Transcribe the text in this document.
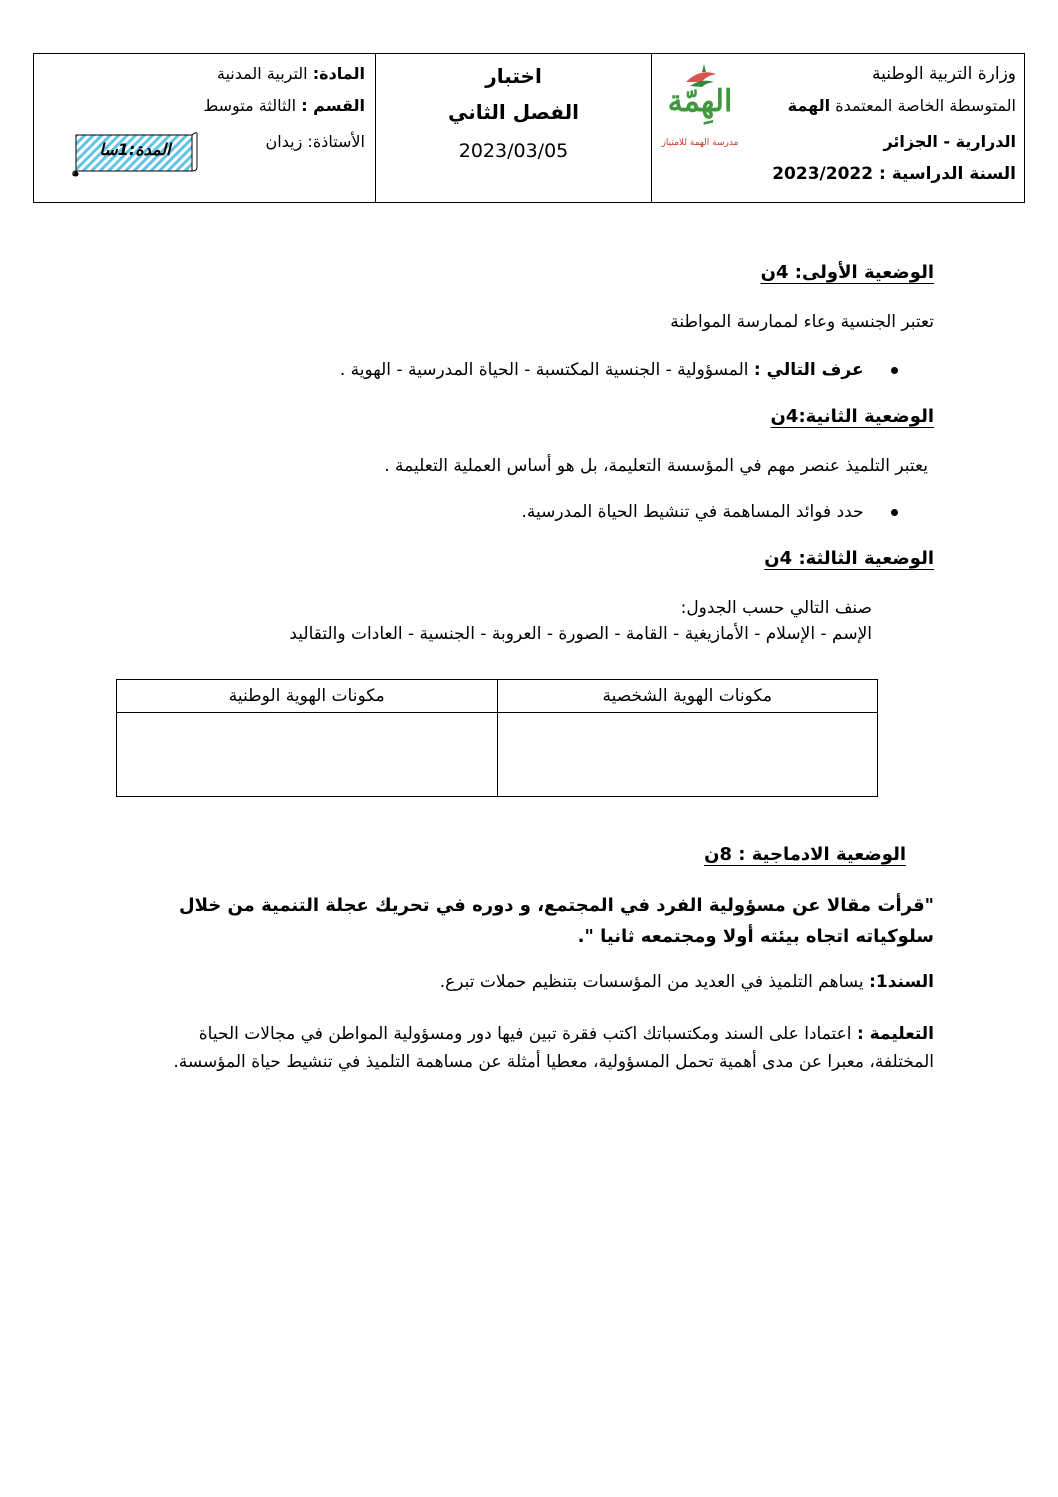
المادة: التربية المدنية
القسم : الثالثة متوسط
الأستاذة: زيدان
المدة:1سا
اختبار
الفصل الثاني
2023/03/05
وزارة التربية الوطنية
المتوسطة الخاصة المعتمدة الهمة
الدرارية - الجزائر
السنة الدراسية : 2023/2022
الهِمّة
مدرسة الهمة للامتياز
الوضعية الأولى: 4ن
تعتبر الجنسية وعاء لممارسة المواطنة
عرف التالي : المسؤولية - الجنسية المكتسبة - الحياة المدرسية - الهوية .
الوضعية الثانية:4ن
يعتبر التلميذ عنصر مهم في المؤسسة التعليمة، بل هو أساس العملية التعليمة .
حدد فوائد المساهمة في تنشيط الحياة المدرسية.
الوضعية الثالثة: 4ن
صنف التالي حسب الجدول:
الإسم - الإسلام - الأمازيغية - القامة - الصورة - العروبة - الجنسية - العادات والتقاليد
مكونات الهوية الشخصية	مكونات الهوية الوطنية

الوضعية الادماجية : 8ن
"قرأت مقالا عن مسؤولية الفرد في المجتمع، و دوره في تحريك عجلة التنمية من خلال سلوكياته اتجاه بيئته أولا ومجتمعه ثانيا ".
السند1: يساهم التلميذ في العديد من المؤسسات بتنظيم حملات تبرع.
التعليمة : اعتمادا على السند ومكتسباتك اكتب فقرة تبين فيها دور ومسؤولية المواطن في مجالات الحياة المختلفة، معبرا عن مدى أهمية تحمل المسؤولية، معطيا أمثلة عن مساهمة التلميذ في تنشيط حياة المؤسسة.
